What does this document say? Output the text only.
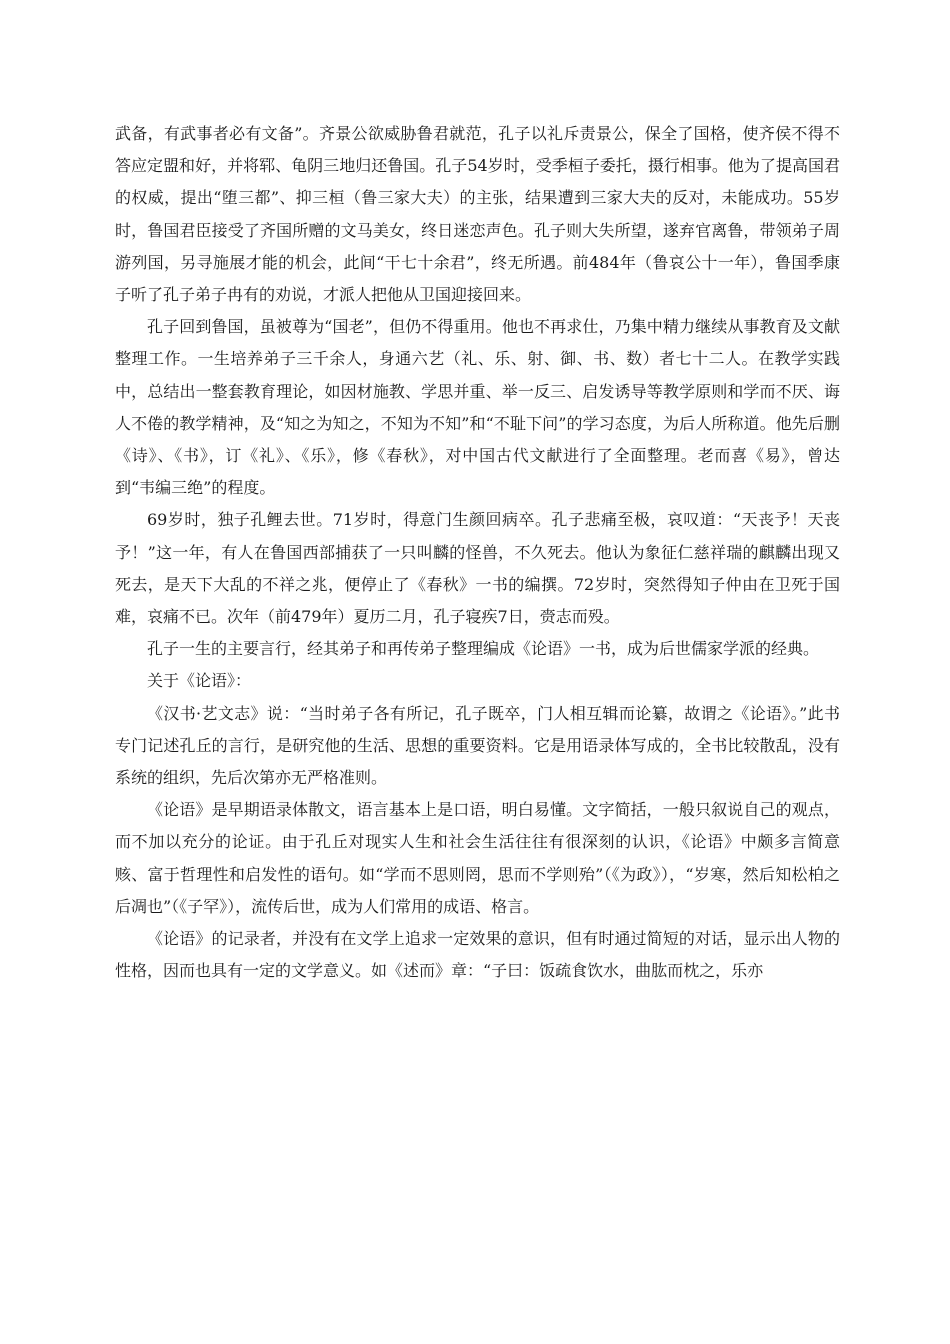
武备，有武事者必有文备”。齐景公欲威胁鲁君就范，孔子以礼斥责景公，保全了国格，使齐侯不得不答应定盟和好，并将郓、龟阴三地归还鲁国。孔子54岁时，受季桓子委托，摄行相事。他为了提高国君的权威，提出“堕三都”、抑三桓（鲁三家大夫）的主张，结果遭到三家大夫的反对，未能成功。55岁时，鲁国君臣接受了齐国所赠的文马美女，终日迷恋声色。孔子则大失所望，遂弃官离鲁，带领弟子周游列国，另寻施展才能的机会，此间“干七十余君”，终无所遇。前484年（鲁哀公十一年），鲁国季康子听了孔子弟子冉有的劝说，才派人把他从卫国迎接回来。

孔子回到鲁国，虽被尊为“国老”，但仍不得重用。他也不再求仕，乃集中精力继续从事教育及文献整理工作。一生培养弟子三千余人，身通六艺（礼、乐、射、御、书、数）者七十二人。在教学实践中，总结出一整套教育理论，如因材施教、学思并重、举一反三、启发诱导等教学原则和学而不厌、诲人不倦的教学精神，及“知之为知之，不知为不知”和“不耻下问”的学习态度，为后人所称道。他先后删《诗》、《书》，订《礼》、《乐》，修《春秋》，对中国古代文献进行了全面整理。老而喜《易》，曾达到“韦编三绝”的程度。

69岁时，独子孔鲤去世。71岁时，得意门生颜回病卒。孔子悲痛至极，哀叹道：“天丧予！天丧予！”这一年，有人在鲁国西部捕获了一只叫麟的怪兽，不久死去。他认为象征仁慈祥瑞的麒麟出现又死去，是天下大乱的不祥之兆，便停止了《春秋》一书的编撰。72岁时，突然得知子仲由在卫死于国难，哀痛不已。次年（前479年）夏历二月，孔子寝疾7日，赍志而殁。

孔子一生的主要言行，经其弟子和再传弟子整理编成《论语》一书，成为后世儒家学派的经典。

关于《论语》：

《汉书·艺文志》说：“当时弟子各有所记，孔子既卒，门人相互辑而论纂，故谓之《论语》。”此书专门记述孔丘的言行，是研究他的生活、思想的重要资料。它是用语录体写成的，全书比较散乱，没有系统的组织，先后次第亦无严格准则。

《论语》是早期语录体散文，语言基本上是口语，明白易懂。文字简括，一般只叙说自己的观点，而不加以充分的论证。由于孔丘对现实人生和社会生活往往有很深刻的认识，《论语》中颇多言简意赅、富于哲理性和启发性的语句。如“学而不思则罔，思而不学则殆”（《为政》），“岁寒，然后知松柏之后凋也”（《子罕》），流传后世，成为人们常用的成语、格言。

《论语》的记录者，并没有在文学上追求一定效果的意识，但有时通过简短的对话，显示出人物的性格，因而也具有一定的文学意义。如《述而》章：“子曰：饭疏食饮水，曲肱而枕之，乐亦
